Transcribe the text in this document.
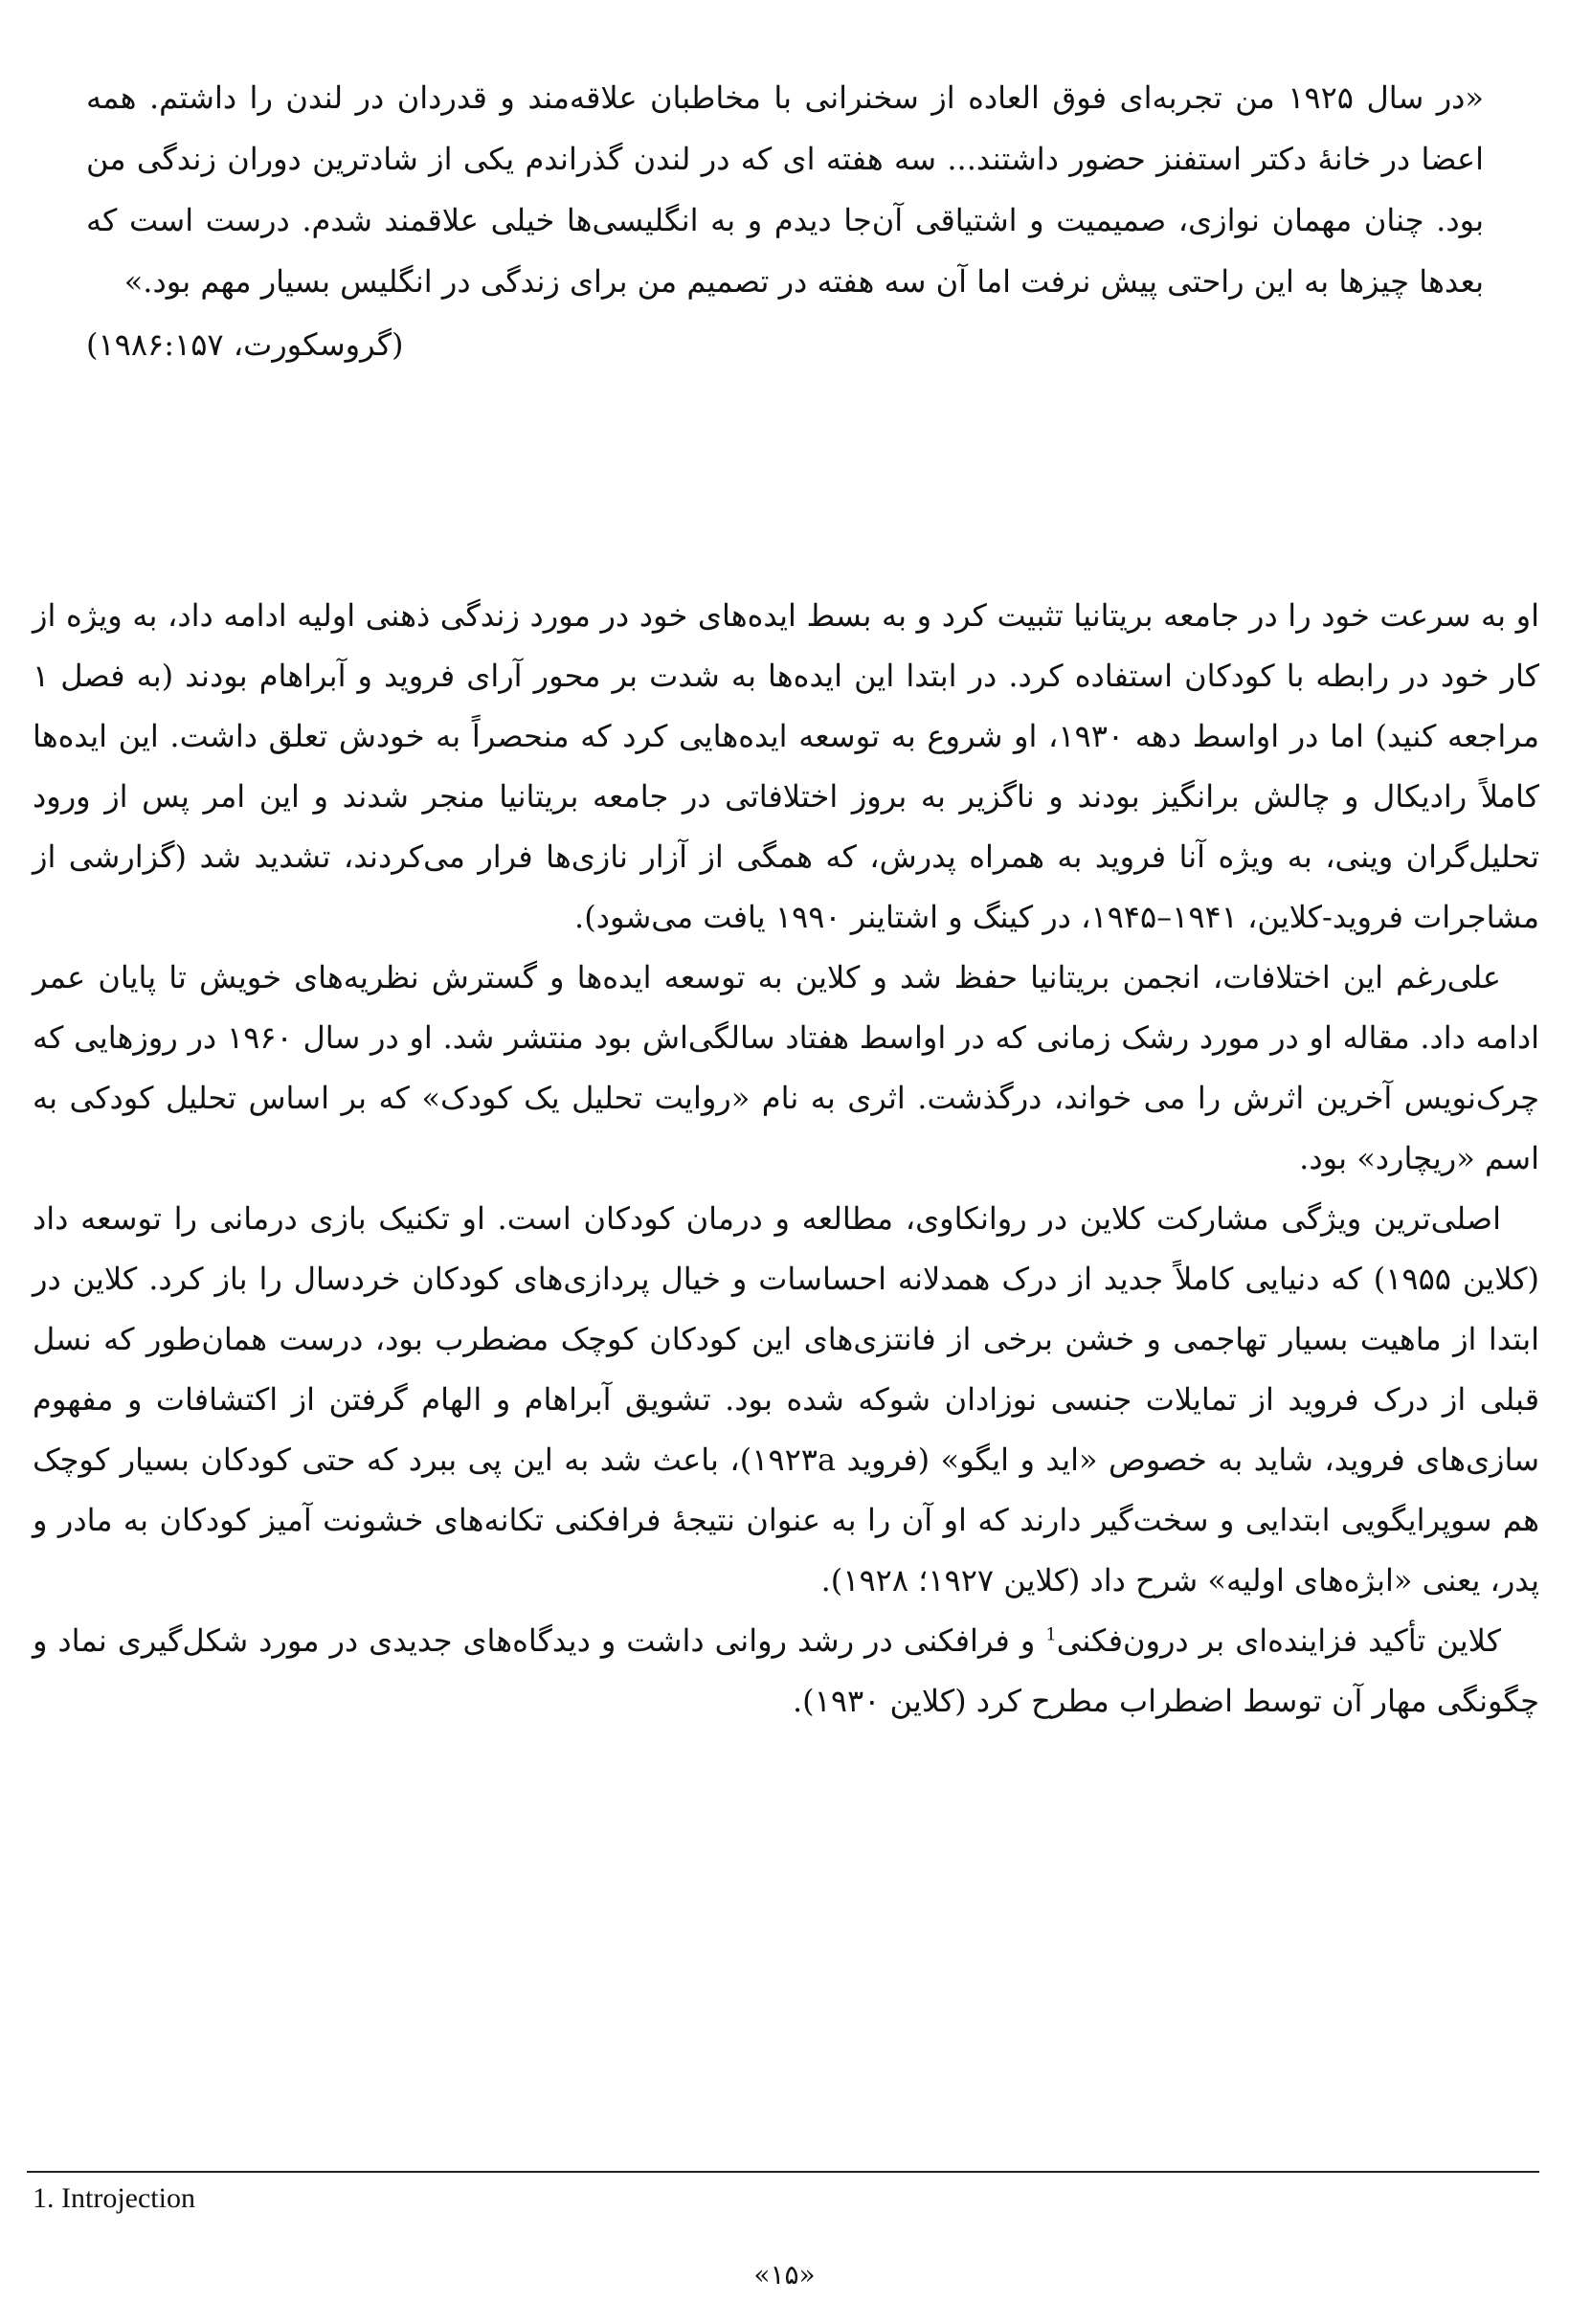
«در سال ۱۹۲۵ من تجربه‌ای فوق العاده از سخنرانی با مخاطبان علاقه‌مند و قدردان در لندن را داشتم. همه اعضا در خانهٔ دکتر استفنز حضور داشتند... سه هفته ای که در لندن گذراندم یکی از شادترین دوران زندگی من بود. چنان مهمان نوازی، صمیمیت و اشتیاقی آن‌جا دیدم و به انگلیسی‌ها خیلی علاقمند شدم. درست است که بعدها چیزها به این راحتی پیش نرفت اما آن سه هفته در تصمیم من برای زندگی در انگلیس بسیار مهم بود.»
(گروسکورت، ۱۹۸۶:۱۵۷)

او به سرعت خود را در جامعه بریتانیا تثبیت کرد و به بسط ایده‌های خود در مورد زندگی ذهنی اولیه ادامه داد، به ویژه از کار خود در رابطه با کودکان استفاده کرد. در ابتدا این ایده‌ها به شدت بر محور آرای فروید و آبراهام بودند (به فصل ۱ مراجعه کنید) اما در اواسط دهه ۱۹۳۰، او شروع به توسعه ایده‌هایی کرد که منحصراً به خودش تعلق داشت. این ایده‌ها کاملاً رادیکال و چالش برانگیز بودند و ناگزیر به بروز اختلافاتی در جامعه بریتانیا منجر شدند و این امر پس از ورود تحلیل‌گران وینی، به ویژه آنا فروید به همراه پدرش، که همگی از آزار نازی‌ها فرار می‌کردند، تشدید شد (گزارشی از مشاجرات فروید-کلاین، ۱۹۴۱–۱۹۴۵، در کینگ و اشتاینر ۱۹۹۰ یافت می‌شود).

علی‌رغم این اختلافات، انجمن بریتانیا حفظ شد و کلاین به توسعه ایده‌ها و گسترش نظریه‌های خویش تا پایان عمر ادامه داد. مقاله او در مورد رشک زمانی که در اواسط هفتاد سالگی‌اش بود منتشر شد. او در سال ۱۹۶۰ در روزهایی که چرک‌نویس آخرین اثرش را می خواند، درگذشت. اثری به نام «روایت تحلیل یک کودک» که بر اساس تحلیل کودکی به اسم «ریچارد» بود.

اصلی‌ترین ویژگی مشارکت کلاین در روانکاوی، مطالعه و درمان کودکان است. او تکنیک بازی درمانی را توسعه داد (کلاین ۱۹۵۵) که دنیایی کاملاً جدید از درک همدلانه احساسات و خیال پردازی‌های کودکان خردسال را باز کرد. کلاین در ابتدا از ماهیت بسیار تهاجمی و خشن برخی از فانتزی‌های این کودکان کوچک مضطرب بود، درست همان‌طور که نسل قبلی از درک فروید از تمایلات جنسی نوزادان شوکه شده بود. تشویق آبراهام و الهام گرفتن از اکتشافات و مفهوم سازی‌های فروید، شاید به خصوص «اید و ایگو» (فروید ۱۹۲۳a)، باعث شد به این پی ببرد که حتی کودکان بسیار کوچک هم سوپرایگویی ابتدایی و سخت‌گیر دارند که او آن را به عنوان نتیجهٔ فرافکنی تکانه‌های خشونت آمیز کودکان به مادر و پدر، یعنی «ابژه‌های اولیه» شرح داد (کلاین ۱۹۲۷؛ ۱۹۲۸).

کلاین تأکید فزاینده‌ای بر درون‌فکنی$^1$ و فرافکنی در رشد روانی داشت و دیدگاه‌های جدیدی در مورد شکل‌گیری نماد و چگونگی مهار آن توسط اضطراب مطرح کرد (کلاین ۱۹۳۰).

1. Introjection
«۱۵»
